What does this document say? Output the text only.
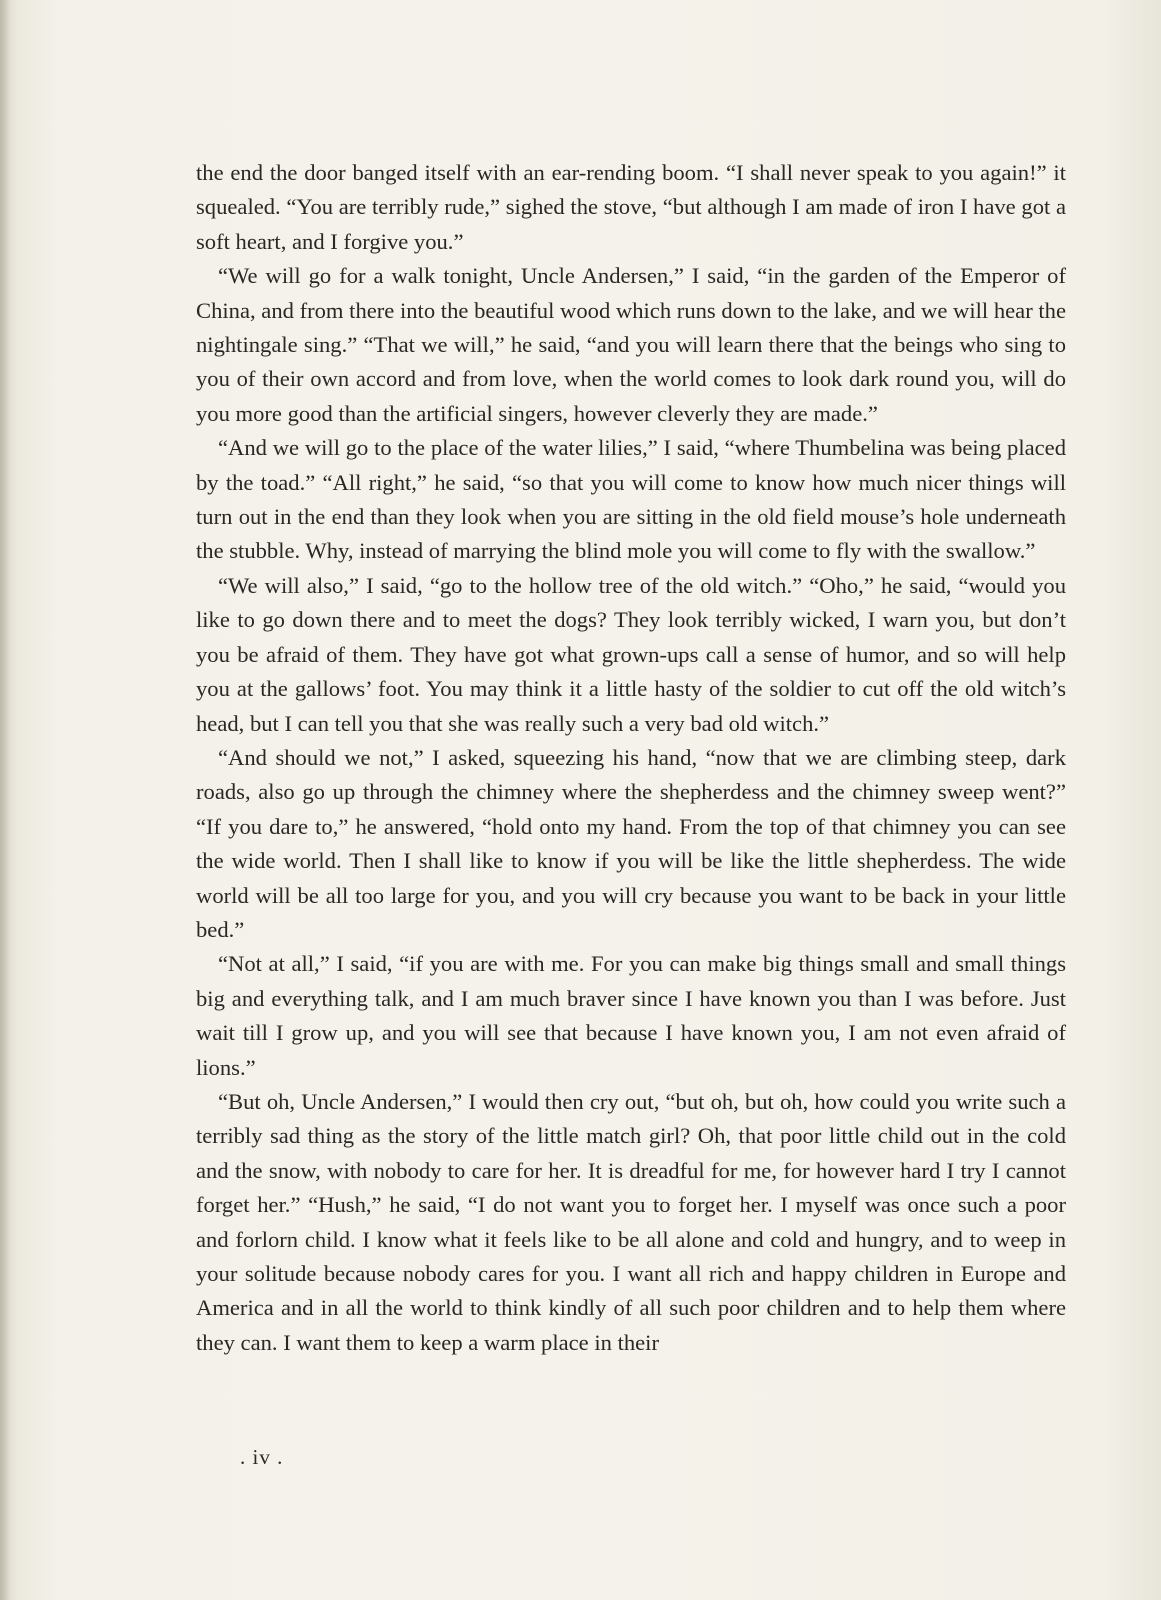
the end the door banged itself with an ear-rending boom. “I shall never speak to you again!” it squealed. “You are terribly rude,” sighed the stove, “but although I am made of iron I have got a soft heart, and I forgive you.”

“We will go for a walk tonight, Uncle Andersen,” I said, “in the garden of the Emperor of China, and from there into the beautiful wood which runs down to the lake, and we will hear the nightingale sing.” “That we will,” he said, “and you will learn there that the beings who sing to you of their own accord and from love, when the world comes to look dark round you, will do you more good than the artificial singers, however cleverly they are made.”

“And we will go to the place of the water lilies,” I said, “where Thumbelina was being placed by the toad.” “All right,” he said, “so that you will come to know how much nicer things will turn out in the end than they look when you are sitting in the old field mouse’s hole underneath the stubble. Why, instead of marrying the blind mole you will come to fly with the swallow.”

“We will also,” I said, “go to the hollow tree of the old witch.” “Oho,” he said, “would you like to go down there and to meet the dogs? They look terribly wicked, I warn you, but don’t you be afraid of them. They have got what grown-ups call a sense of humor, and so will help you at the gallows’ foot. You may think it a little hasty of the soldier to cut off the old witch’s head, but I can tell you that she was really such a very bad old witch.”

“And should we not,” I asked, squeezing his hand, “now that we are climbing steep, dark roads, also go up through the chimney where the shepherdess and the chimney sweep went?” “If you dare to,” he answered, “hold onto my hand. From the top of that chimney you can see the wide world. Then I shall like to know if you will be like the little shepherdess. The wide world will be all too large for you, and you will cry because you want to be back in your little bed.”

“Not at all,” I said, “if you are with me. For you can make big things small and small things big and everything talk, and I am much braver since I have known you than I was before. Just wait till I grow up, and you will see that because I have known you, I am not even afraid of lions.”

“But oh, Uncle Andersen,” I would then cry out, “but oh, but oh, how could you write such a terribly sad thing as the story of the little match girl? Oh, that poor little child out in the cold and the snow, with nobody to care for her. It is dreadful for me, for however hard I try I cannot forget her.” “Hush,” he said, “I do not want you to forget her. I myself was once such a poor and forlorn child. I know what it feels like to be all alone and cold and hungry, and to weep in your solitude because nobody cares for you. I want all rich and happy children in Europe and America and in all the world to think kindly of all such poor children and to help them where they can. I want them to keep a warm place in their

. iv .
